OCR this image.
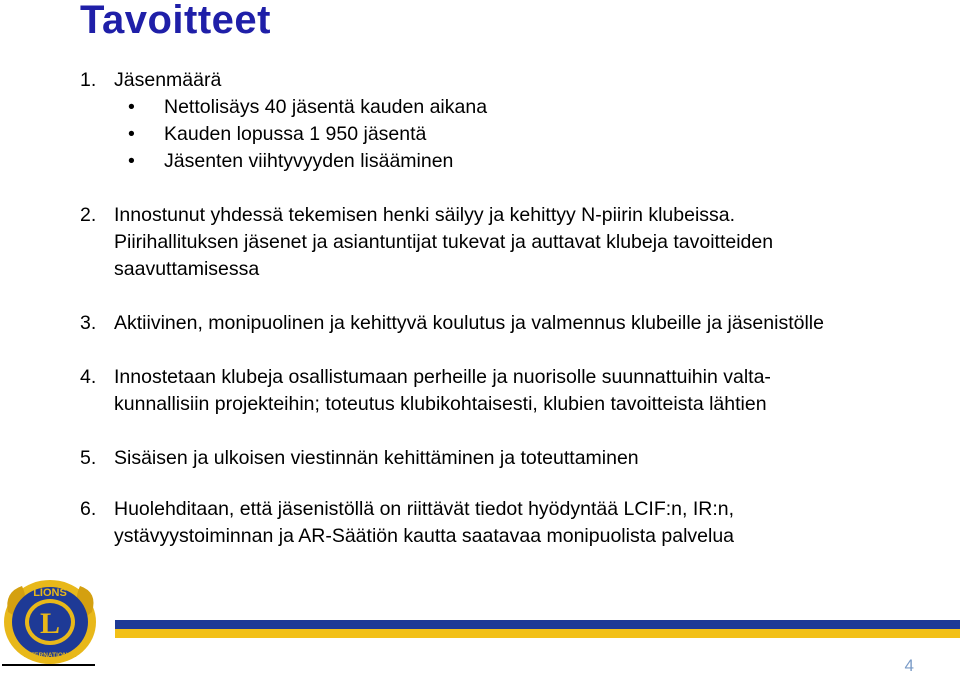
Tavoitteet
1. Jäsenmäärä
• Nettolisäys 40 jäsentä kauden aikana
• Kauden lopussa 1 950 jäsentä
• Jäsenten viihtyvyyden lisääminen
2. Innostunut yhdessä tekemisen henki säilyy ja kehittyy N-piirin klubeissa.
Piirihallituksen jäsenet ja asiantuntijat tukevat ja auttavat klubeja tavoitteiden
saavuttamisessa
3. Aktiivinen, monipuolinen ja kehittyvä koulutus ja valmennus klubeille ja jäsenistölle
4. Innostetaan klubeja osallistumaan perheille ja nuorisolle suunnattuihin valta-
kunnallisiin projekteihin; toteutus klubikohtaisesti, klubien tavoitteista lähtien
5. Sisäisen ja ulkoisen viestinnän kehittäminen ja toteuttaminen
6. Huolehditaan, että jäsenistöllä on riittävät tiedot hyödyntää LCIF:n, IR:n,
ystävyystoiminnan ja AR-Säätiön kautta saatavaa monipuolista palvelua
L
LIONS
INTERNATIONAL
4
